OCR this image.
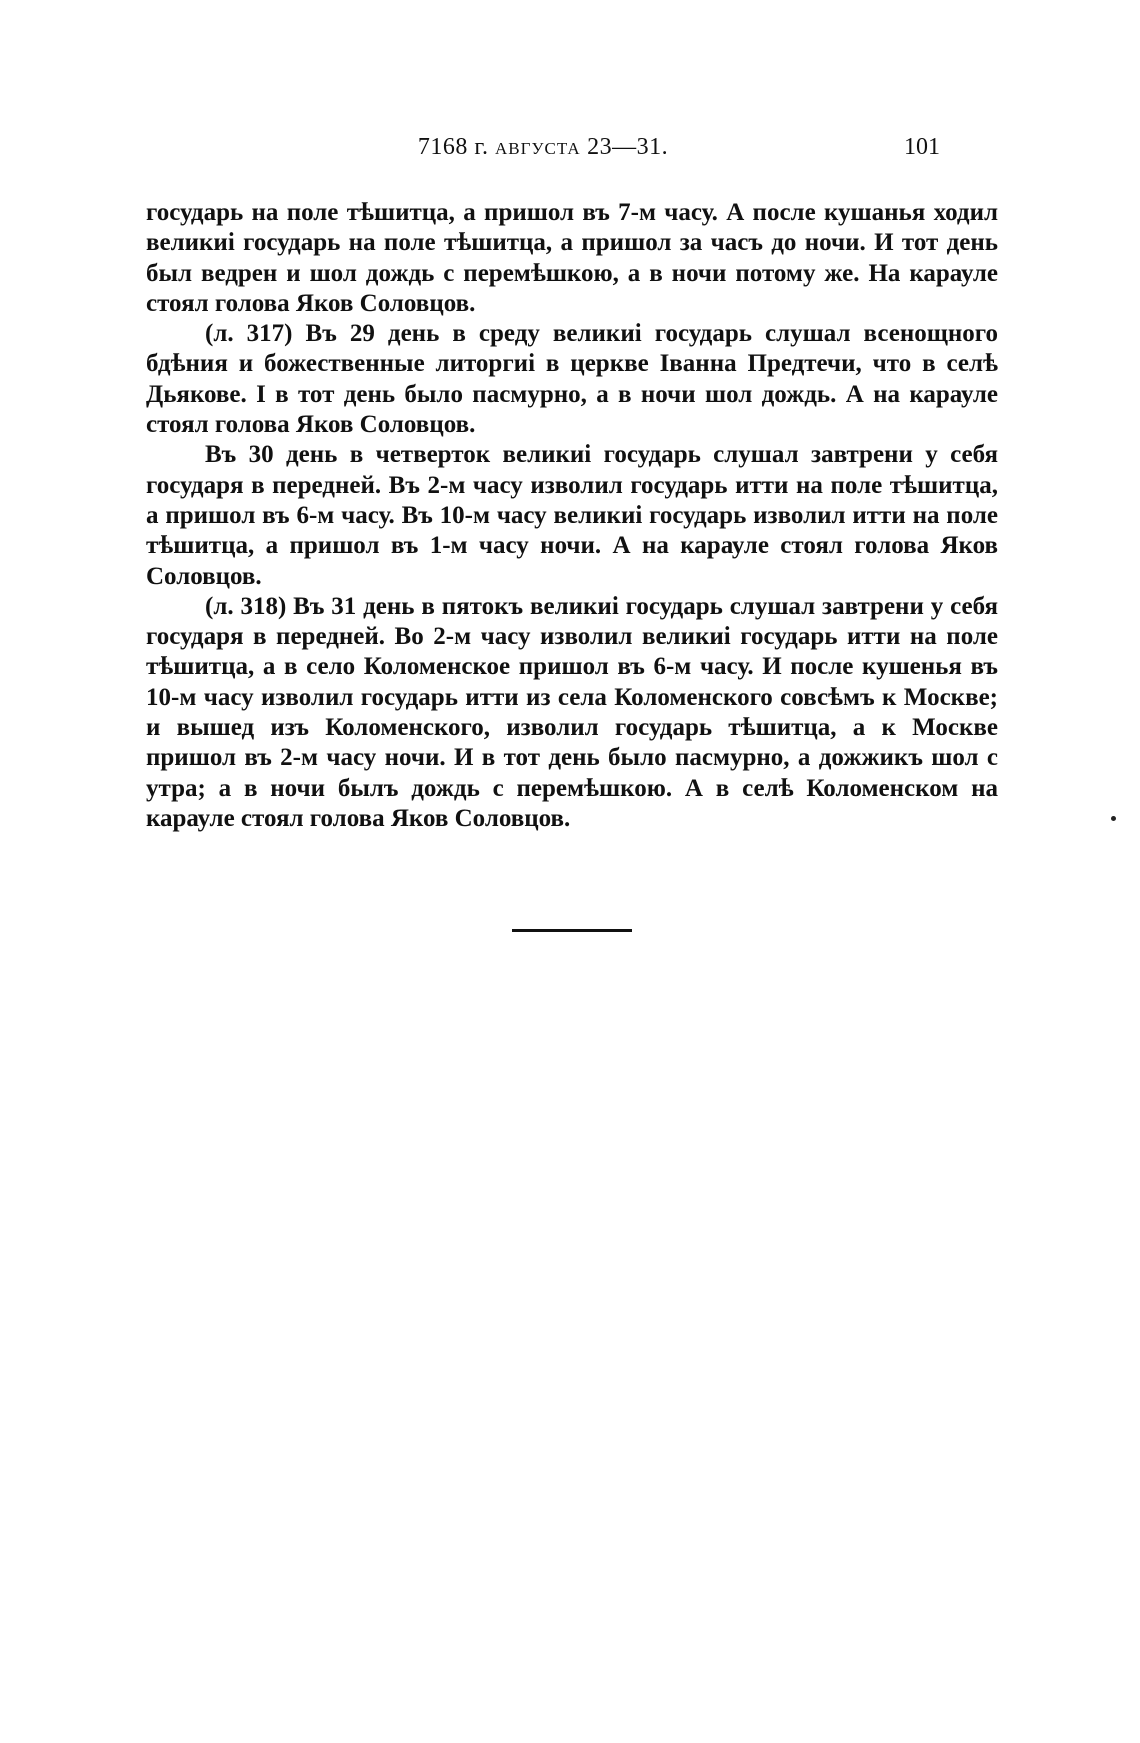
7168 г. АВГУСТА 23—31.	101

государь на поле тѣшитца, а пришол въ 7-м часу. А после кушанья ходил великиі государь на поле тѣшитца, а пришол за часъ до ночи. И тот день был ведрен и шол дождь с перемѣшкою, а в ночи потому же. На карауле стоял голова Яков Соловцов.

(л. 317) Въ 29 день в среду великиі государь слушал всенощного бдѣния и божественные литоргиі в церкве Іванна Предтечи, что в селѣ Дьякове. І в тот день было пасмурно, а в ночи шол дождь. А на карауле стоял голова Яков Соловцов.

Въ 30 день в четверток великиі государь слушал завтрени у себя государя в передней. Въ 2-м часу изволил государь итти на поле тѣшитца, а пришол въ 6-м часу. Въ 10-м часу великиі государь изволил итти на поле тѣшитца, а пришол въ 1-м часу ночи. А на карауле стоял голова Яков Соловцов.

(л. 318) Въ 31 день в пятокъ великиі государь слушал завтрени у себя государя в передней. Во 2-м часу изволил великиі государь итти на поле тѣшитца, а в село Коломенское пришол въ 6-м часу. И после кушенья въ 10-м часу изволил государь итти из села Коломенского совсѣмъ к Москве; и вышед изъ Коломенского, изволил государь тѣшитца, а к Москве пришол въ 2-м часу ночи. И в тот день было пасмурно, а дожжикъ шол с утра; а в ночи былъ дождь с перемѣшкою. А в селѣ Коломенском на карауле стоял голова Яков Соловцов.
